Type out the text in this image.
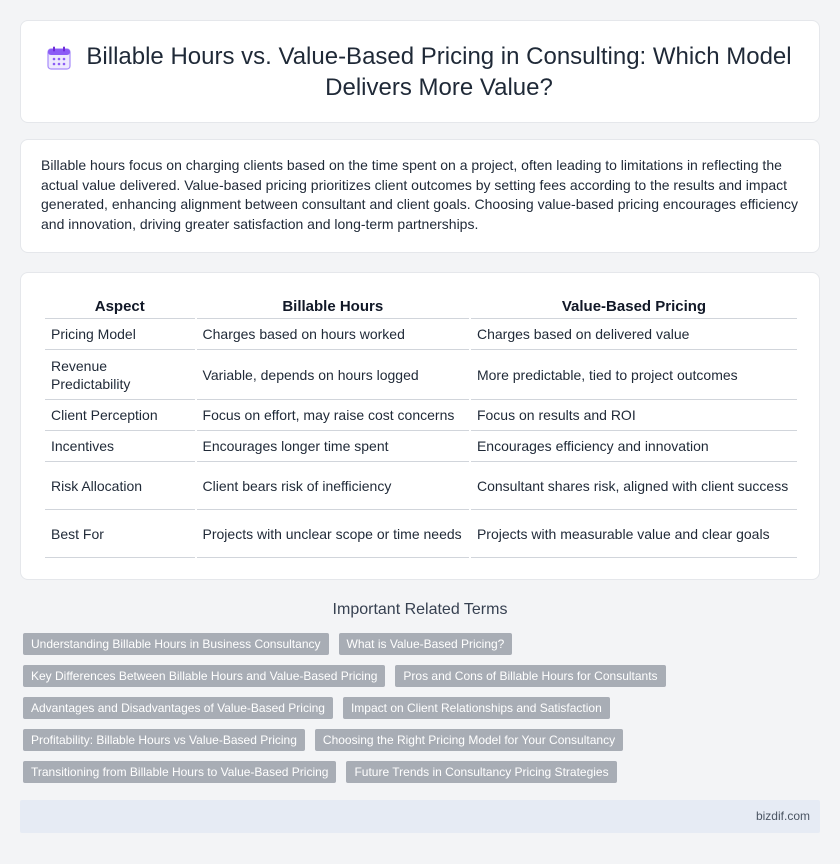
Billable Hours vs. Value-Based Pricing in Consulting: Which Model Delivers More Value?

Billable hours focus on charging clients based on the time spent on a project, often leading to limitations in reflecting the actual value delivered. Value-based pricing prioritizes client outcomes by setting fees according to the results and impact generated, enhancing alignment between consultant and client goals. Choosing value-based pricing encourages efficiency and innovation, driving greater satisfaction and long-term partnerships.

Aspect	Billable Hours	Value-Based Pricing
Pricing Model	Charges based on hours worked	Charges based on delivered value
Revenue Predictability	Variable, depends on hours logged	More predictable, tied to project outcomes
Client Perception	Focus on effort, may raise cost concerns	Focus on results and ROI
Incentives	Encourages longer time spent	Encourages efficiency and innovation
Risk Allocation	Client bears risk of inefficiency	Consultant shares risk, aligned with client success
Best For	Projects with unclear scope or time needs	Projects with measurable value and clear goals
Important Related Terms
Understanding Billable Hours in Business Consultancy	What is Value-Based Pricing?
Key Differences Between Billable Hours and Value-Based Pricing	Pros and Cons of Billable Hours for Consultants
Advantages and Disadvantages of Value-Based Pricing	Impact on Client Relationships and Satisfaction
Profitability: Billable Hours vs Value-Based Pricing	Choosing the Right Pricing Model for Your Consultancy
Transitioning from Billable Hours to Value-Based Pricing	Future Trends in Consultancy Pricing Strategies
bizdif.com
